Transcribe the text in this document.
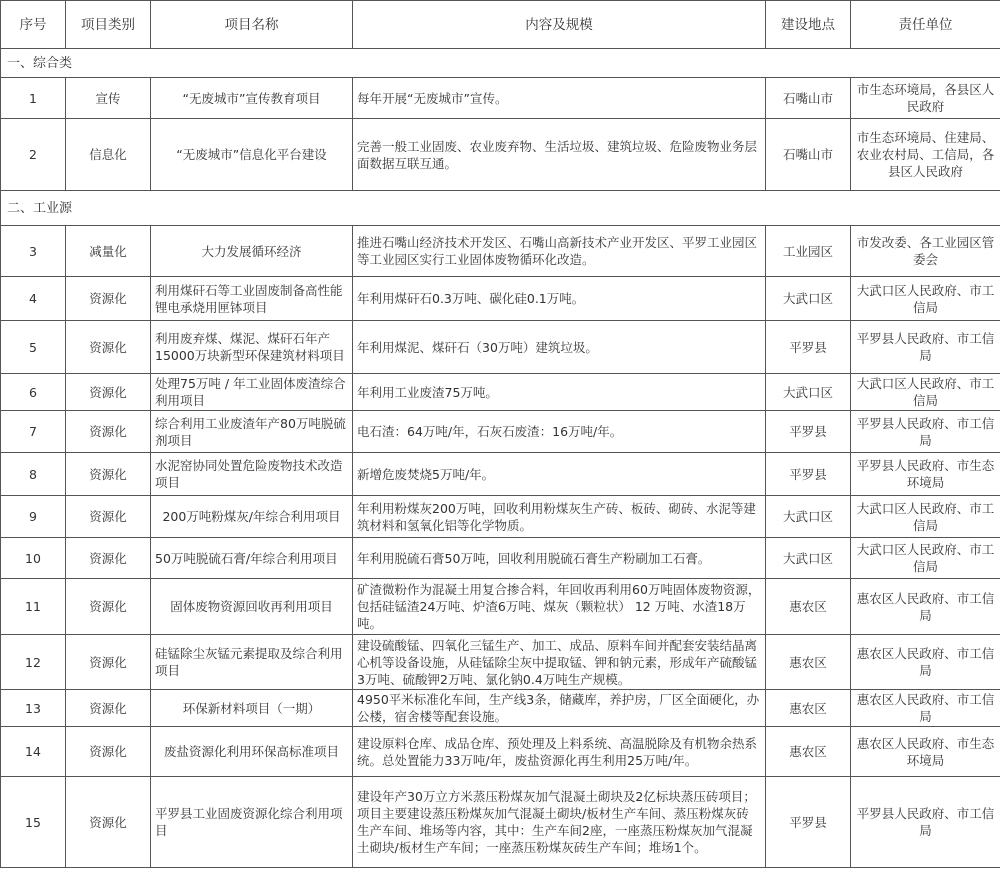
序号	项目类别	项目名称	内容及规模	建设地点	责任单位
一、综合类					
1	宣传	“无废城市”宣传教育项目	每年开展“无废城市”宣传。	石嘴山市	市生态环境局，各县区人民政府
2	信息化	“无废城市”信息化平台建设	完善一般工业固废、农业废弃物、生活垃圾、建筑垃圾、危险废物业务层面数据互联互通。	石嘴山市	市生态环境局、住建局、农业农村局、工信局，各县区人民政府
二、工业源					
3	减量化	大力发展循环经济	推进石嘴山经济技术开发区、石嘴山高新技术产业开发区、平罗工业园区等工业园区实行工业固体废物循环化改造。	工业园区	市发改委、各工业园区管委会
4	资源化	利用煤矸石等工业固废制备高性能锂电承烧用匣钵项目	年利用煤矸石0.3万吨、碳化硅0.1万吨。	大武口区	大武口区人民政府、市工信局
5	资源化	利用废弃煤、煤泥、煤矸石年产15000万块新型环保建筑材料项目	年利用煤泥、煤矸石（30万吨）建筑垃圾。	平罗县	平罗县人民政府、市工信局
6	资源化	处理75万吨 / 年工业固体废渣综合利用项目	年利用工业废渣75万吨。	大武口区	大武口区人民政府、市工信局
7	资源化	综合利用工业废渣年产80万吨脱硫剂项目	电石渣：64万吨/年，石灰石废渣：16万吨/年。	平罗县	平罗县人民政府、市工信局
8	资源化	水泥窑协同处置危险废物技术改造项目	新增危废焚烧5万吨/年。	平罗县	平罗县人民政府、市生态环境局
9	资源化	200万吨粉煤灰/年综合利用项目	年利用粉煤灰200万吨，回收利用粉煤灰生产砖、板砖、砌砖、水泥等建筑材料和氢氧化铝等化学物质。	大武口区	大武口区人民政府、市工信局
10	资源化	50万吨脱硫石膏/年综合利用项目	年利用脱硫石膏50万吨，回收利用脱硫石膏生产粉刷加工石膏。	大武口区	大武口区人民政府、市工信局
11	资源化	固体废物资源回收再利用项目	矿渣微粉作为混凝土用复合掺合料，年回收再利用60万吨固体废物资源，包括硅锰渣24万吨、炉渣6万吨、煤灰（颗粒状） 12 万吨、水渣18万吨。	惠农区	惠农区人民政府、市工信局
12	资源化	硅锰除尘灰锰元素提取及综合利用项目	建设硫酸锰、四氧化三锰生产、加工、成品、原料车间并配套安装结晶离心机等设备设施，从硅锰除尘灰中提取锰、钾和钠元素，形成年产硫酸锰3万吨、硫酸钾2万吨、氯化钠0.4万吨生产规模。	惠农区	惠农区人民政府、市工信局
13	资源化	环保新材料项目（一期）	4950平米标准化车间，生产线3条，储藏库，养护房，厂区全面硬化，办公楼，宿舍楼等配套设施。	惠农区	惠农区人民政府、市工信局
14	资源化	废盐资源化利用环保高标准项目	建设原料仓库、成品仓库、预处理及上料系统、高温脱除及有机物余热系统。总处置能力33万吨/年，废盐资源化再生利用25万吨/年。	惠农区	惠农区人民政府、市生态环境局
15	资源化	平罗县工业固废资源化综合利用项目	建设年产30万立方米蒸压粉煤灰加气混凝土砌块及2亿标块蒸压砖项目；项目主要建设蒸压粉煤灰加气混凝土砌块/板材生产车间、蒸压粉煤灰砖生产车间、堆场等内容，其中：生产车间2座，一座蒸压粉煤灰加气混凝土砌块/板材生产车间；一座蒸压粉煤灰砖生产车间；堆场1个。	平罗县	平罗县人民政府、市工信局
